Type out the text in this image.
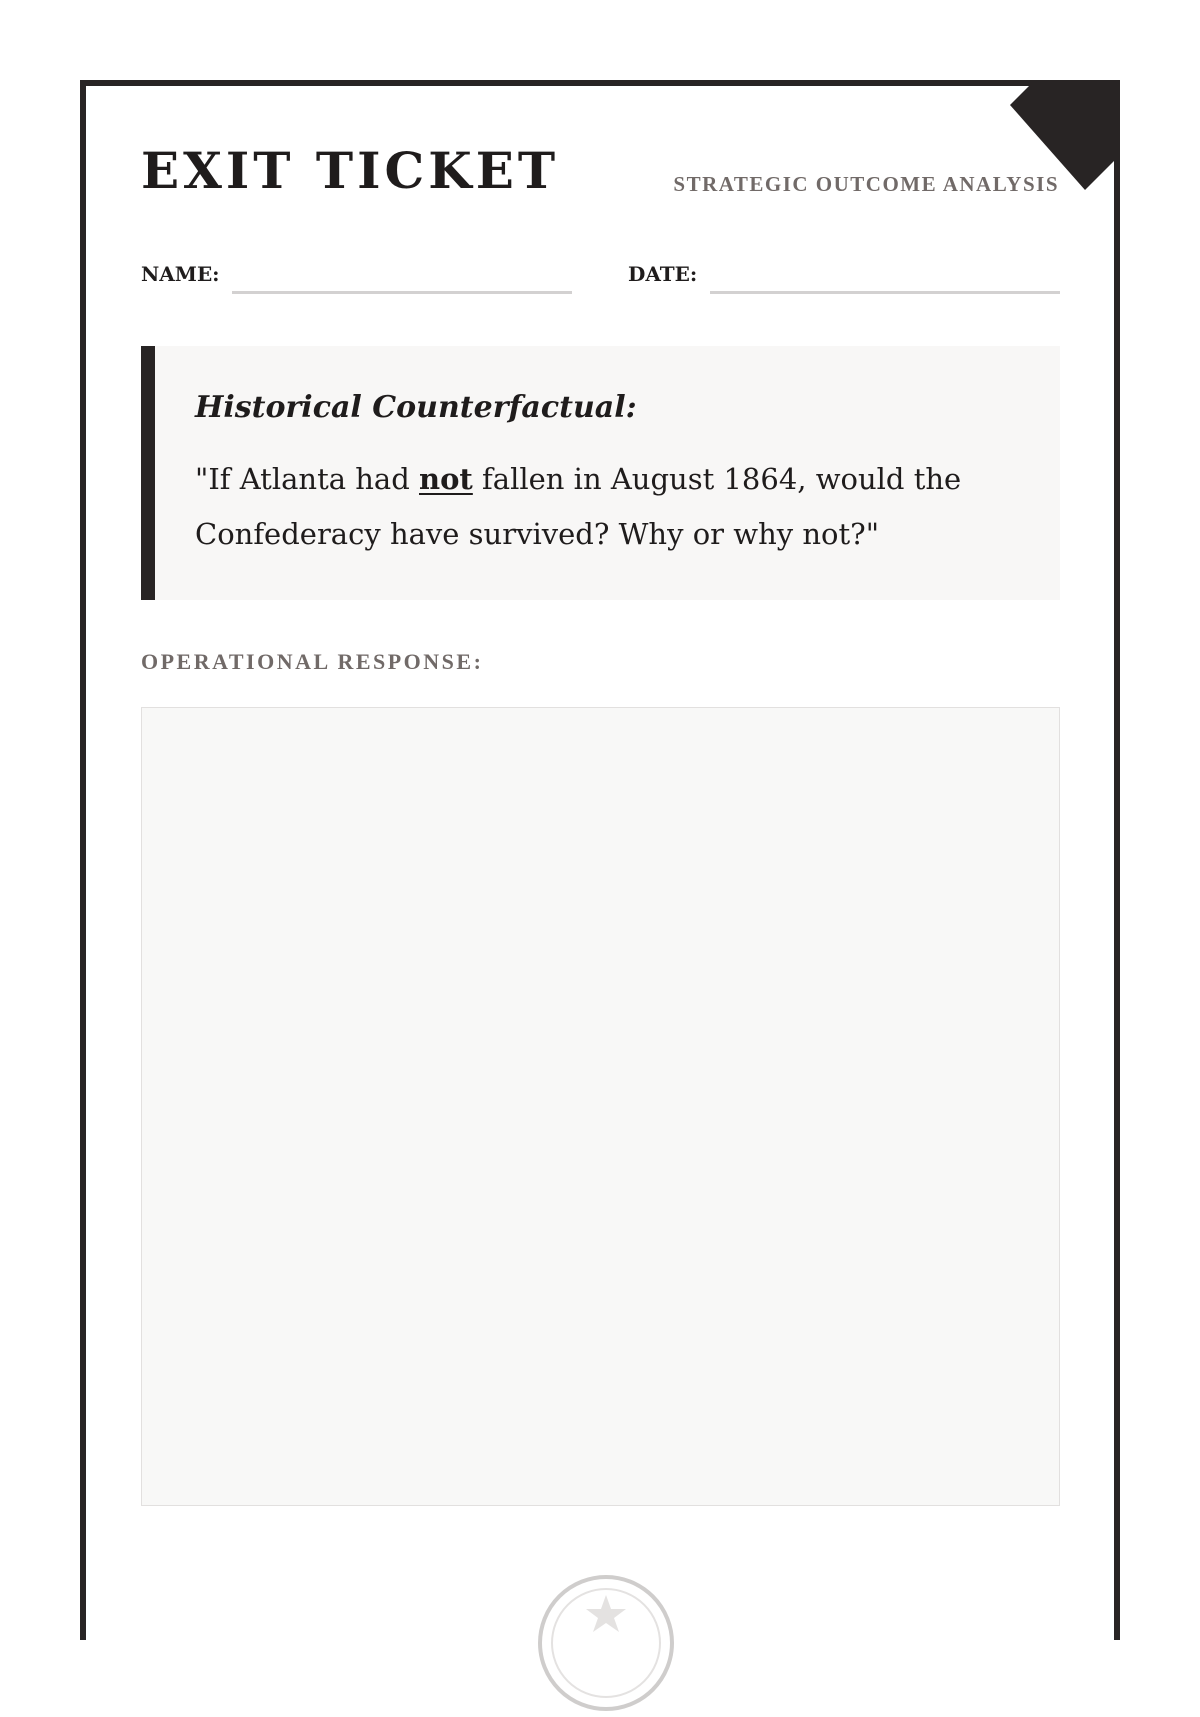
EXIT TICKET	STRATEGIC OUTCOME ANALYSIS
NAME:	DATE:

Historical Counterfactual:

"If Atlanta had not fallen in August 1864, would the Confederacy have survived? Why or why not?"

OPERATIONAL RESPONSE:
